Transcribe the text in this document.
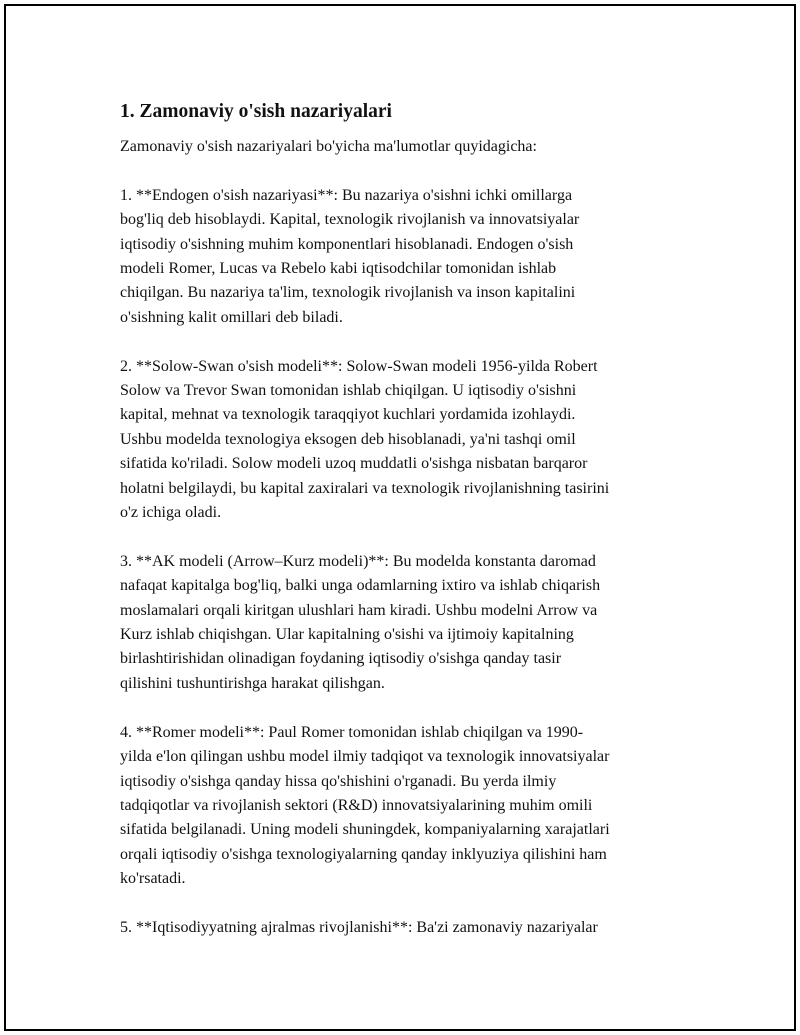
1. Zamonaviy o'sish nazariyalari

Zamonaviy o'sish nazariyalari bo'yicha ma'lumotlar quyidagicha:

1. **Endogen o'sish nazariyasi**: Bu nazariya o'sishni ichki omillarga
bog'liq deb hisoblaydi. Kapital, texnologik rivojlanish va innovatsiyalar
iqtisodiy o'sishning muhim komponentlari hisoblanadi. Endogen o'sish
modeli Romer, Lucas va Rebelo kabi iqtisodchilar tomonidan ishlab
chiqilgan. Bu nazariya ta'lim, texnologik rivojlanish va inson kapitalini
o'sishning kalit omillari deb biladi.

2. **Solow-Swan o'sish modeli**: Solow-Swan modeli 1956-yilda Robert
Solow va Trevor Swan tomonidan ishlab chiqilgan. U iqtisodiy o'sishni
kapital, mehnat va texnologik taraqqiyot kuchlari yordamida izohlaydi.
Ushbu modelda texnologiya eksogen deb hisoblanadi, ya'ni tashqi omil
sifatida ko'riladi. Solow modeli uzoq muddatli o'sishga nisbatan barqaror
holatni belgilaydi, bu kapital zaxiralari va texnologik rivojlanishning tasirini
o'z ichiga oladi.

3. **AK modeli (Arrow–Kurz modeli)**: Bu modelda konstanta daromad
nafaqat kapitalga bog'liq, balki unga odamlarning ixtiro va ishlab chiqarish
moslamalari orqali kiritgan ulushlari ham kiradi. Ushbu modelni Arrow va
Kurz ishlab chiqishgan. Ular kapitalning o'sishi va ijtimoiy kapitalning
birlashtirishidan olinadigan foydaning iqtisodiy o'sishga qanday tasir
qilishini tushuntirishga harakat qilishgan.

4. **Romer modeli**: Paul Romer tomonidan ishlab chiqilgan va 1990-
yilda e'lon qilingan ushbu model ilmiy tadqiqot va texnologik innovatsiyalar
iqtisodiy o'sishga qanday hissa qo'shishini o'rganadi. Bu yerda ilmiy
tadqiqotlar va rivojlanish sektori (R&D) innovatsiyalarining muhim omili
sifatida belgilanadi. Uning modeli shuningdek, kompaniyalarning xarajatlari
orqali iqtisodiy o'sishga texnologiyalarning qanday inklyuziya qilishini ham
ko'rsatadi.

5. **Iqtisodiyyatning ajralmas rivojlanishi**: Ba'zi zamonaviy nazariyalar
